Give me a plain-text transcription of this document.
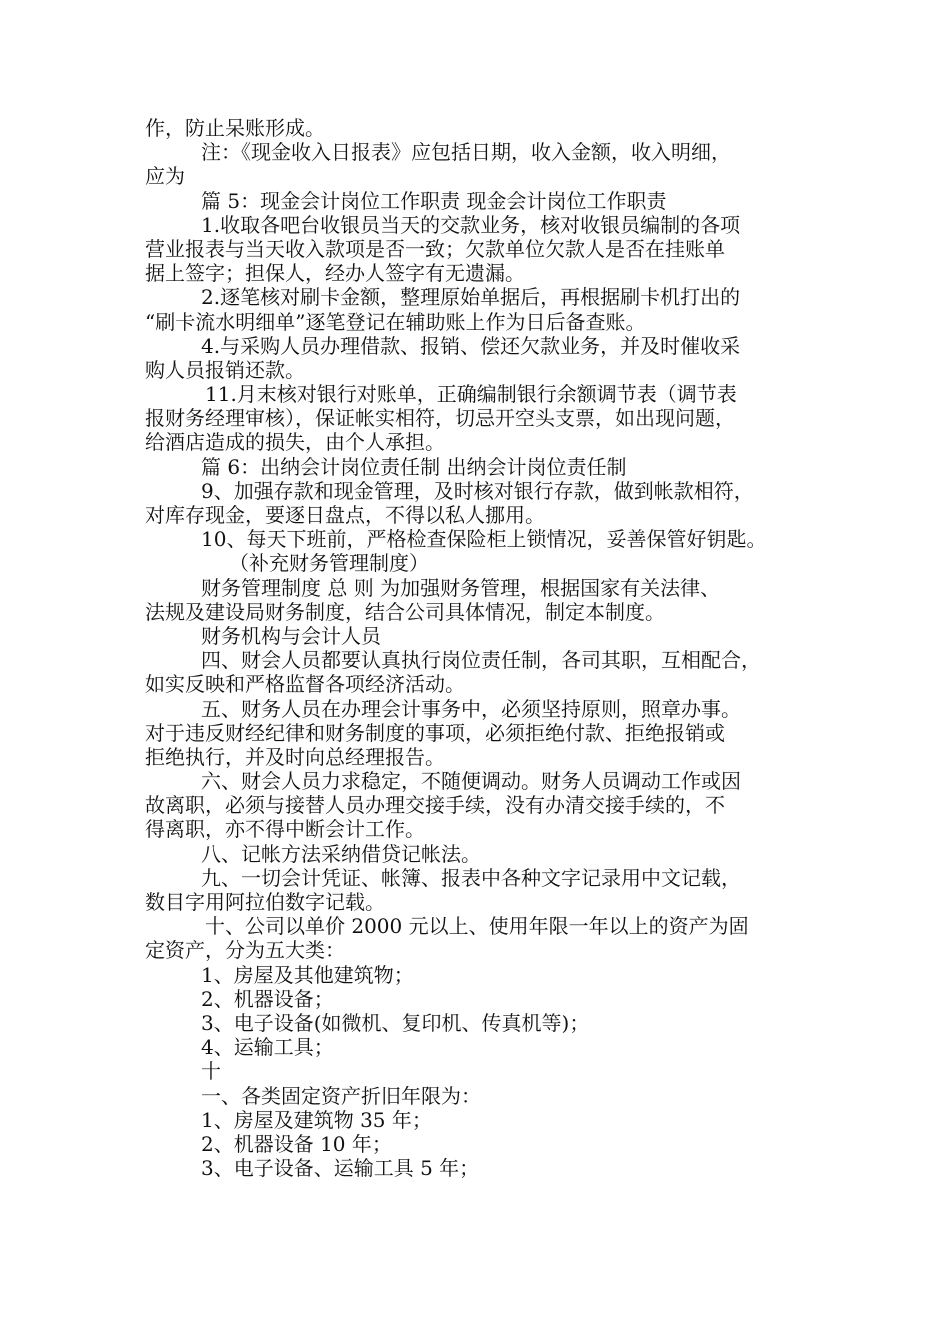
作，防止呆账形成。
注：《现金收入日报表》应包括日期，收入金额，收入明细，
应为
篇 5：现金会计岗位工作职责 现金会计岗位工作职责
1.收取各吧台收银员当天的交款业务，核对收银员编制的各项
营业报表与当天收入款项是否一致；欠款单位欠款人是否在挂账单
据上签字；担保人，经办人签字有无遗漏。
2.逐笔核对刷卡金额，整理原始单据后，再根据刷卡机打出的
“刷卡流水明细单”逐笔登记在辅助账上作为日后备查账。
4.与采购人员办理借款、报销、偿还欠款业务，并及时催收采
购人员报销还款。
11.月末核对银行对账单，正确编制银行余额调节表（调节表
报财务经理审核），保证帐实相符，切忌开空头支票，如出现问题，
给酒店造成的损失，由个人承担。
篇 6：出纳会计岗位责任制 出纳会计岗位责任制
9、加强存款和现金管理，及时核对银行存款，做到帐款相符，
对库存现金，要逐日盘点，不得以私人挪用。
10、每天下班前，严格检查保险柜上锁情况，妥善保管好钥匙。
（补充财务管理制度）
财务管理制度 总 则 为加强财务管理，根据国家有关法律、
法规及建设局财务制度，结合公司具体情况，制定本制度。
财务机构与会计人员
四、财会人员都要认真执行岗位责任制，各司其职，互相配合，
如实反映和严格监督各项经济活动。
五、财务人员在办理会计事务中，必须坚持原则，照章办事。
对于违反财经纪律和财务制度的事项，必须拒绝付款、拒绝报销或
拒绝执行，并及时向总经理报告。
六、财会人员力求稳定，不随便调动。财务人员调动工作或因
故离职，必须与接替人员办理交接手续，没有办清交接手续的，不
得离职，亦不得中断会计工作。
八、记帐方法采纳借贷记帐法。
九、一切会计凭证、帐簿、报表中各种文字记录用中文记载，
数目字用阿拉伯数字记载。
十、公司以单价 2000 元以上、使用年限一年以上的资产为固
定资产，分为五大类：
1、房屋及其他建筑物；
2、机器设备；
3、电子设备(如微机、复印机、传真机等)；
4、运输工具；
十
一、各类固定资产折旧年限为：
1、房屋及建筑物 35 年；
2、机器设备 10 年；
3、电子设备、运输工具 5 年；
